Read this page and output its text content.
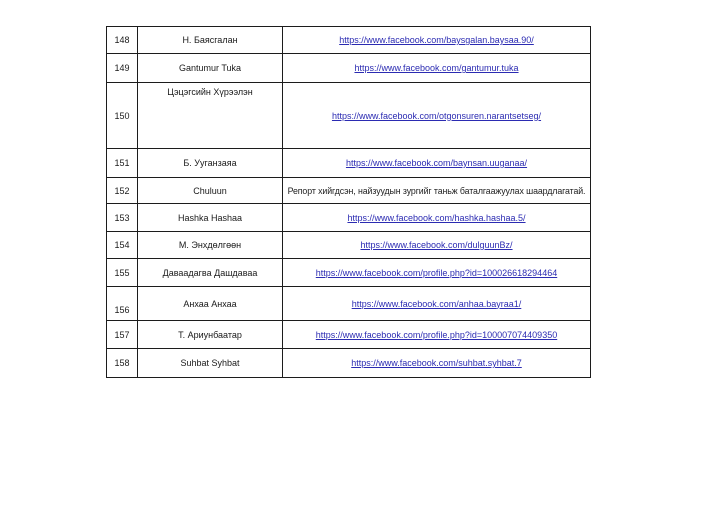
148	Н. Баясгалан	https://www.facebook.com/baysgalan.baysaa.90/
149	Gantumur Tuka	https://www.facebook.com/gantumur.tuka
150	Цэцэгсийн Хүрээлэн	https://www.facebook.com/otgonsuren.narantsetseg/
151	Б. Ууганзаяа	https://www.facebook.com/baynsan.uuganaa/
152	Chuluun	Репорт хийгдсэн, найзуудын зургийг таньж баталгаажуулах шаардлагатай.
153	Hashka Hashaa	https://www.facebook.com/hashka.hashaa.5/
154	М. Энхдөлгөөн	https://www.facebook.com/dulguunBz/
155	Даваадагва Дашдаваа	https://www.facebook.com/profile.php?id=100026618294464
156	Анхаа Анхаа	https://www.facebook.com/anhaa.bayraa1/
157	Т. Ариунбаатар	https://www.facebook.com/profile.php?id=100007074409350
158	Suhbat Syhbat	https://www.facebook.com/suhbat.syhbat.7
